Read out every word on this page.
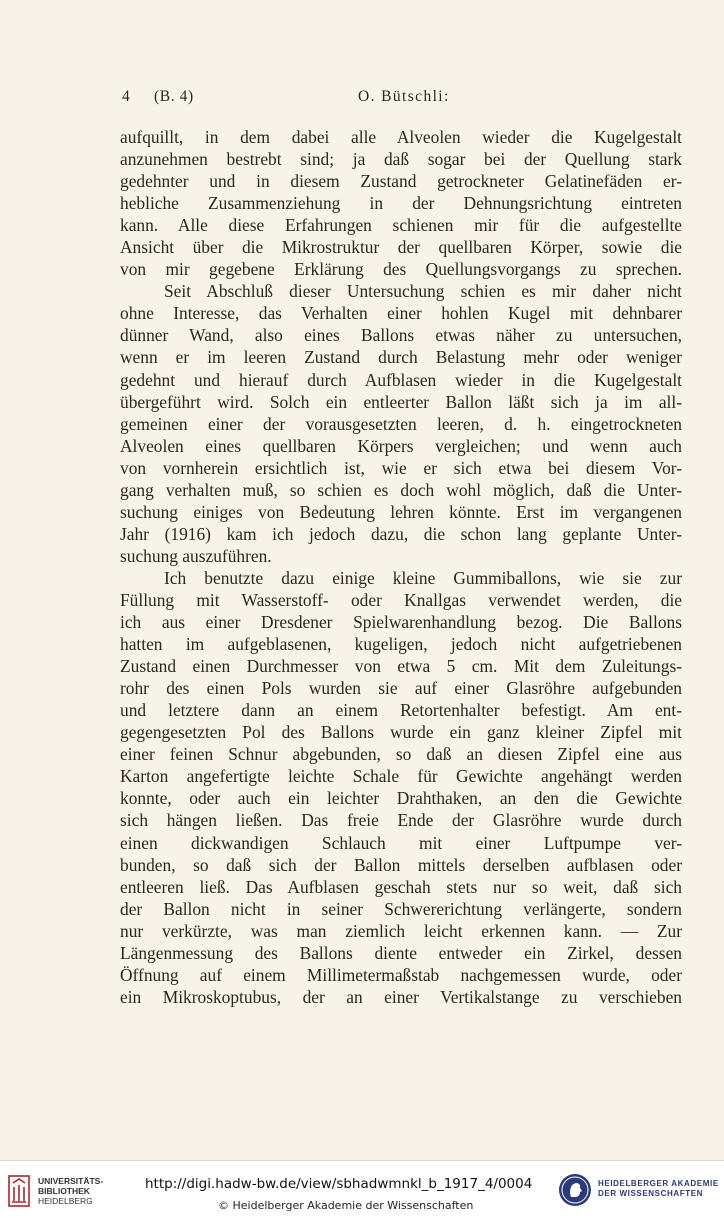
4 (B. 4)	O. Bütschli:
aufquillt, in dem dabei alle Alveolen wieder die Kugelgestalt
anzunehmen bestrebt sind; ja daß sogar bei der Quellung stark
gedehnter und in diesem Zustand getrockneter Gelatinefäden er-
hebliche Zusammenziehung in der Dehnungsrichtung eintreten
kann. Alle diese Erfahrungen schienen mir für die aufgestellte
Ansicht über die Mikrostruktur der quellbaren Körper, sowie die
von mir gegebene Erklärung des Quellungsvorgangs zu sprechen.
Seit Abschluß dieser Untersuchung schien es mir daher nicht
ohne Interesse, das Verhalten einer hohlen Kugel mit dehnbarer
dünner Wand, also eines Ballons etwas näher zu untersuchen,
wenn er im leeren Zustand durch Belastung mehr oder weniger
gedehnt und hierauf durch Aufblasen wieder in die Kugelgestalt
übergeführt wird. Solch ein entleerter Ballon läßt sich ja im all-
gemeinen einer der vorausgesetzten leeren, d. h. eingetrockneten
Alveolen eines quellbaren Körpers vergleichen; und wenn auch
von vornherein ersichtlich ist, wie er sich etwa bei diesem Vor-
gang verhalten muß, so schien es doch wohl möglich, daß die Unter-
suchung einiges von Bedeutung lehren könnte. Erst im vergangenen
Jahr (1916) kam ich jedoch dazu, die schon lang geplante Unter-
suchung auszuführen.
Ich benutzte dazu einige kleine Gummiballons, wie sie zur
Füllung mit Wasserstoff- oder Knallgas verwendet werden, die
ich aus einer Dresdener Spielwarenhandlung bezog. Die Ballons
hatten im aufgeblasenen, kugeligen, jedoch nicht aufgetriebenen
Zustand einen Durchmesser von etwa 5 cm. Mit dem Zuleitungs-
rohr des einen Pols wurden sie auf einer Glasröhre aufgebunden
und letztere dann an einem Retortenhalter befestigt. Am ent-
gegengesetzten Pol des Ballons wurde ein ganz kleiner Zipfel mit
einer feinen Schnur abgebunden, so daß an diesen Zipfel eine aus
Karton angefertigte leichte Schale für Gewichte angehängt werden
konnte, oder auch ein leichter Drahthaken, an den die Gewichte
sich hängen ließen. Das freie Ende der Glasröhre wurde durch
einen dickwandigen Schlauch mit einer Luftpumpe ver-
bunden, so daß sich der Ballon mittels derselben aufblasen oder
entleeren ließ. Das Aufblasen geschah stets nur so weit, daß sich
der Ballon nicht in seiner Schwererichtung verlängerte, sondern
nur verkürzte, was man ziemlich leicht erkennen kann. — Zur
Längenmessung des Ballons diente entweder ein Zirkel, dessen
Öffnung auf einem Millimetermaßstab nachgemessen wurde, oder
ein Mikroskoptubus, der an einer Vertikalstange zu verschieben
UNIVERSITÄTS-
BIBLIOTHEK
HEIDELBERG
http://digi.hadw-bw.de/view/sbhadwmnkl_b_1917_4/0004
© Heidelberger Akademie der Wissenschaften
HEIDELBERGER AKADEMIE
DER WISSENSCHAFTEN
